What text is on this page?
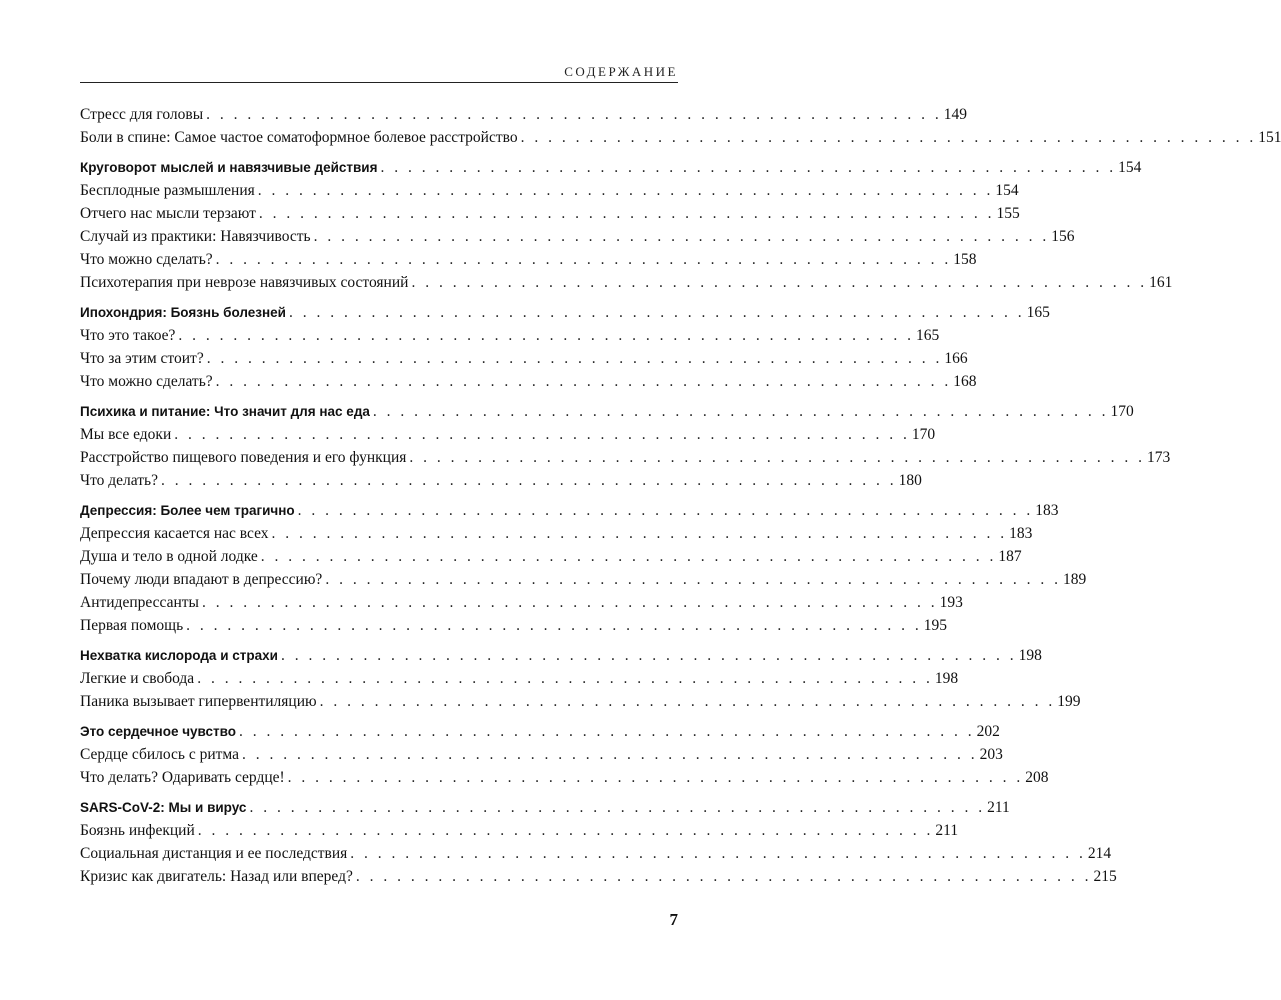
СОДЕРЖАНИЕ
Стресс для головы . . . . . . . . . . . . . . . . . . . . . . . . . . . . . . . . . . . . . . . . . . . . . . . . . . . . . . 149
Боли в спине: Самое частое соматоформное болевое расстройство . . . . . . . . . . . . . . . . . . . . . . . . . . . . . . . . . . . . . . . . . . . . . . . . . . . . . . 151
Круговорот мыслей и навязчивые действия . . . . . . . . . . . . . . . . . . . . . . . . . . . . . . . . . . . . . . . . . . . . . . . . . . . . . . 154
Бесплодные размышления . . . . . . . . . . . . . . . . . . . . . . . . . . . . . . . . . . . . . . . . . . . . . . . . . . . . . . 154
Отчего нас мысли терзают . . . . . . . . . . . . . . . . . . . . . . . . . . . . . . . . . . . . . . . . . . . . . . . . . . . . . . 155
Случай из практики: Навязчивость . . . . . . . . . . . . . . . . . . . . . . . . . . . . . . . . . . . . . . . . . . . . . . . . . . . . . . 156
Что можно сделать? . . . . . . . . . . . . . . . . . . . . . . . . . . . . . . . . . . . . . . . . . . . . . . . . . . . . . . 158
Психотерапия при неврозе навязчивых состояний . . . . . . . . . . . . . . . . . . . . . . . . . . . . . . . . . . . . . . . . . . . . . . . . . . . . . . 161
Ипохондрия: Боязнь болезней . . . . . . . . . . . . . . . . . . . . . . . . . . . . . . . . . . . . . . . . . . . . . . . . . . . . . . 165
Что это такое? . . . . . . . . . . . . . . . . . . . . . . . . . . . . . . . . . . . . . . . . . . . . . . . . . . . . . . 165
Что за этим стоит? . . . . . . . . . . . . . . . . . . . . . . . . . . . . . . . . . . . . . . . . . . . . . . . . . . . . . . 166
Что можно сделать? . . . . . . . . . . . . . . . . . . . . . . . . . . . . . . . . . . . . . . . . . . . . . . . . . . . . . . 168
Психика и питание: Что значит для нас еда . . . . . . . . . . . . . . . . . . . . . . . . . . . . . . . . . . . . . . . . . . . . . . . . . . . . . . 170
Мы все едоки . . . . . . . . . . . . . . . . . . . . . . . . . . . . . . . . . . . . . . . . . . . . . . . . . . . . . . 170
Расстройство пищевого поведения и его функция . . . . . . . . . . . . . . . . . . . . . . . . . . . . . . . . . . . . . . . . . . . . . . . . . . . . . . 173
Что делать? . . . . . . . . . . . . . . . . . . . . . . . . . . . . . . . . . . . . . . . . . . . . . . . . . . . . . . 180
Депрессия: Более чем трагично . . . . . . . . . . . . . . . . . . . . . . . . . . . . . . . . . . . . . . . . . . . . . . . . . . . . . . 183
Депрессия касается нас всех . . . . . . . . . . . . . . . . . . . . . . . . . . . . . . . . . . . . . . . . . . . . . . . . . . . . . . 183
Душа и тело в одной лодке . . . . . . . . . . . . . . . . . . . . . . . . . . . . . . . . . . . . . . . . . . . . . . . . . . . . . . 187
Почему люди впадают в депрессию? . . . . . . . . . . . . . . . . . . . . . . . . . . . . . . . . . . . . . . . . . . . . . . . . . . . . . . 189
Антидепрессанты . . . . . . . . . . . . . . . . . . . . . . . . . . . . . . . . . . . . . . . . . . . . . . . . . . . . . . 193
Первая помощь . . . . . . . . . . . . . . . . . . . . . . . . . . . . . . . . . . . . . . . . . . . . . . . . . . . . . . 195
Нехватка кислорода и страхи . . . . . . . . . . . . . . . . . . . . . . . . . . . . . . . . . . . . . . . . . . . . . . . . . . . . . . 198
Легкие и свобода . . . . . . . . . . . . . . . . . . . . . . . . . . . . . . . . . . . . . . . . . . . . . . . . . . . . . . 198
Паника вызывает гипервентиляцию . . . . . . . . . . . . . . . . . . . . . . . . . . . . . . . . . . . . . . . . . . . . . . . . . . . . . . 199
Это сердечное чувство . . . . . . . . . . . . . . . . . . . . . . . . . . . . . . . . . . . . . . . . . . . . . . . . . . . . . . 202
Сердце сбилось с ритма . . . . . . . . . . . . . . . . . . . . . . . . . . . . . . . . . . . . . . . . . . . . . . . . . . . . . . 203
Что делать? Одаривать сердце! . . . . . . . . . . . . . . . . . . . . . . . . . . . . . . . . . . . . . . . . . . . . . . . . . . . . . . 208
SARS-CoV-2: Мы и вирус . . . . . . . . . . . . . . . . . . . . . . . . . . . . . . . . . . . . . . . . . . . . . . . . . . . . . . 211
Боязнь инфекций . . . . . . . . . . . . . . . . . . . . . . . . . . . . . . . . . . . . . . . . . . . . . . . . . . . . . . 211
Социальная дистанция и ее последствия . . . . . . . . . . . . . . . . . . . . . . . . . . . . . . . . . . . . . . . . . . . . . . . . . . . . . . 214
Кризис как двигатель: Назад или вперед? . . . . . . . . . . . . . . . . . . . . . . . . . . . . . . . . . . . . . . . . . . . . . . . . . . . . . . 215
7
